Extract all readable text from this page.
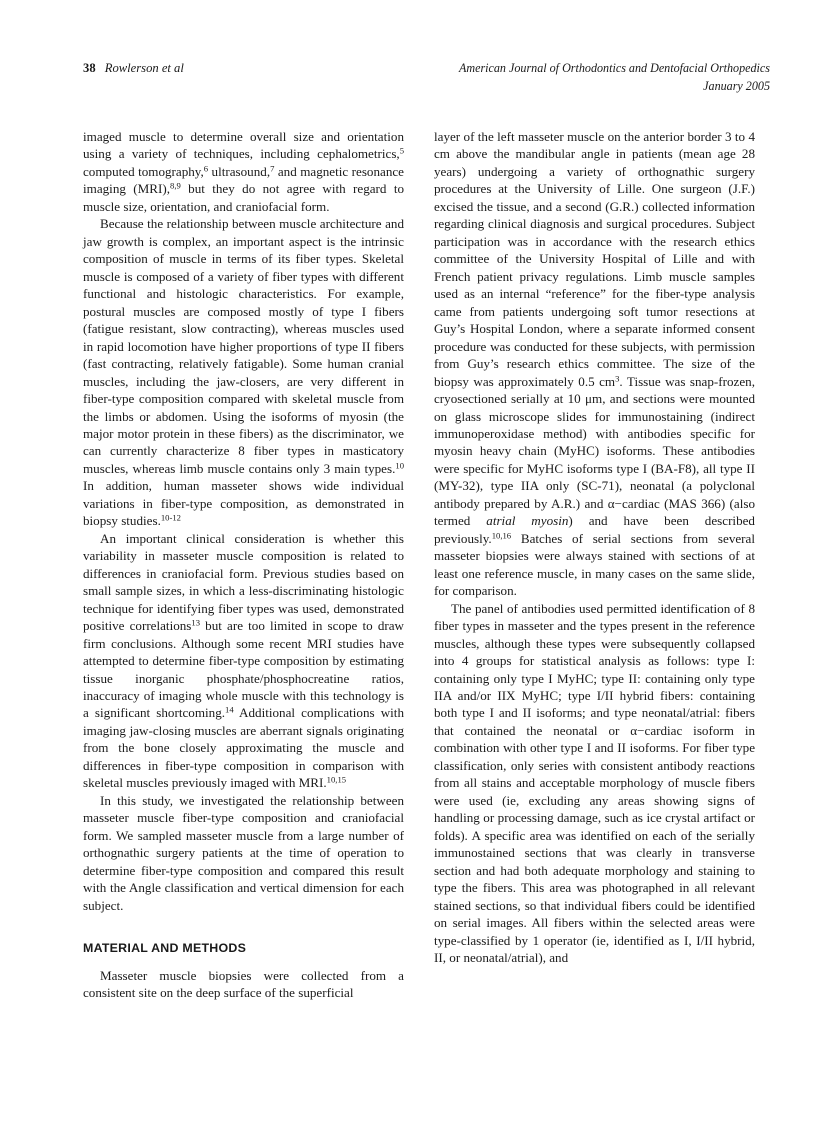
38 Rowlerson et al	American Journal of Orthodontics and Dentofacial Orthopedics
January 2005

imaged muscle to determine overall size and orientation using a variety of techniques, including cephalometrics,$^5$ computed tomography,$^6$ ultrasound,$^7$ and magnetic resonance imaging (MRI),$^{8,9}$ but they do not agree with regard to muscle size, orientation, and craniofacial form.

Because the relationship between muscle architecture and jaw growth is complex, an important aspect is the intrinsic composition of muscle in terms of its fiber types. Skeletal muscle is composed of a variety of fiber types with different functional and histologic characteristics. For example, postural muscles are composed mostly of type I fibers (fatigue resistant, slow contracting), whereas muscles used in rapid locomotion have higher proportions of type II fibers (fast contracting, relatively fatigable). Some human cranial muscles, including the jaw-closers, are very different in fiber-type composition compared with skeletal muscle from the limbs or abdomen. Using the isoforms of myosin (the major motor protein in these fibers) as the discriminator, we can currently characterize 8 fiber types in masticatory muscles, whereas limb muscle contains only 3 main types.$^{10}$ In addition, human masseter shows wide individual variations in fiber-type composition, as demonstrated in biopsy studies.$^{10-12}$

An important clinical consideration is whether this variability in masseter muscle composition is related to differences in craniofacial form. Previous studies based on small sample sizes, in which a less-discriminating histologic technique for identifying fiber types was used, demonstrated positive correlations$^{13}$ but are too limited in scope to draw firm conclusions. Although some recent MRI studies have attempted to determine fiber-type composition by estimating tissue inorganic phosphate/phosphocreatine ratios, inaccuracy of imaging whole muscle with this technology is a significant shortcoming.$^{14}$ Additional complications with imaging jaw-closing muscles are aberrant signals originating from the bone closely approximating the muscle and differences in fiber-type composition in comparison with skeletal muscles previously imaged with MRI.$^{10,15}$

In this study, we investigated the relationship between masseter muscle fiber-type composition and craniofacial form. We sampled masseter muscle from a large number of orthognathic surgery patients at the time of operation to determine fiber-type composition and compared this result with the Angle classification and vertical dimension for each subject.

MATERIAL AND METHODS

Masseter muscle biopsies were collected from a consistent site on the deep surface of the superficial

layer of the left masseter muscle on the anterior border 3 to 4 cm above the mandibular angle in patients (mean age 28 years) undergoing a variety of orthognathic surgery procedures at the University of Lille. One surgeon (J.F.) excised the tissue, and a second (G.R.) collected information regarding clinical diagnosis and surgical procedures. Subject participation was in accordance with the research ethics committee of the University Hospital of Lille and with French patient privacy regulations. Limb muscle samples used as an internal “reference” for the fiber-type analysis came from patients undergoing soft tumor resections at Guy’s Hospital London, where a separate informed consent procedure was conducted for these subjects, with permission from Guy’s research ethics committee. The size of the biopsy was approximately 0.5 $cm^3$. Tissue was snap-frozen, cryosectioned serially at 10 μm, and sections were mounted on glass microscope slides for immunostaining (indirect immunoperoxidase method) with antibodies specific for myosin heavy chain (MyHC) isoforms. These antibodies were specific for MyHC isoforms type I (BA-F8), all type II (MY-32), type IIA only (SC-71), neonatal (a polyclonal antibody prepared by A.R.) and α−cardiac (MAS 366) (also termed atrial myosin) and have been described previously.$^{10,16}$ Batches of serial sections from several masseter biopsies were always stained with sections of at least one reference muscle, in many cases on the same slide, for comparison.

The panel of antibodies used permitted identification of 8 fiber types in masseter and the types present in the reference muscles, although these types were subsequently collapsed into 4 groups for statistical analysis as follows: type I: containing only type I MyHC; type II: containing only type IIA and/or IIX MyHC; type I/II hybrid fibers: containing both type I and II isoforms; and type neonatal/atrial: fibers that contained the neonatal or α−cardiac isoform in combination with other type I and II isoforms. For fiber type classification, only series with consistent antibody reactions from all stains and acceptable morphology of muscle fibers were used (ie, excluding any areas showing signs of handling or processing damage, such as ice crystal artifact or folds). A specific area was identified on each of the serially immunostained sections that was clearly in transverse section and had both adequate morphology and staining to type the fibers. This area was photographed in all relevant stained sections, so that individual fibers could be identified on serial images. All fibers within the selected areas were type-classified by 1 operator (ie, identified as I, I/II hybrid, II, or neonatal/atrial), and
